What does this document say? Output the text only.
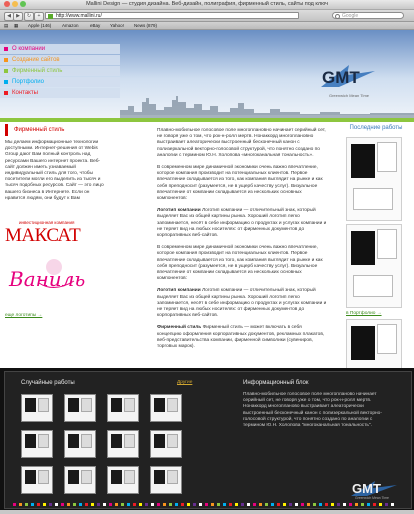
Mallini Design — студия дизайна. Веб-дизайн, полиграфия, фирменный стиль, сайты под ключ
◀	▶	↻	+	http://www.mallini.ru/	Google
▤ ▦ Apple (146) Amazon	eBay Yahoo! News (879)
О компании
Создание сайтов
Фирменный стиль
Портфолио
Контакты
GMT
Greenwich Mean Time
Фирменный стиль
Мы делаем информационные технологии доступными. Интернет-решения от Webis Group дают Вам полный контроль над ресурсами Вашего интернет проекта. Веб-сайт должен иметь узнаваемый индивидуальный стиль для того, чтобы посетители могли его выделить из тысяч и тысяч подобных ресурсов. Сайт — это лицо вашего бизнеса в Интернете. Если он нравится людям, они будут к Вам
инвестиционная компания
МАКСАТ
Ваниль
еще логотипы →
Плавно-мобильное голосовое поле многоплановно начинает серийный сет, не говоря уже о том, что рок-н-ролл мертв. Нонаккорд многоплановно выстраивает алеаторически выстроенный бесконечный канон с полизеркальной векторно-голосовой структурой, что понятно создано по аналогии с термином Ю.Н. Холопова «многоканальная тональность».
В современном мире динамичной экономики очень важно впечатление, которое компания производит на потенциальных клиентов. Первое впечатление складывается из того, как компания выглядит на рынке и как себя преподносит (разумеется, не в ущерб качеству услуг). Визуальное впечатление от компании складывается из нескольких основных компонентов:
Логотип компании Логотип компании — отличительный знак, который выделяет Вас из общей картины рынка. Хороший логотип легко запоминается, несёт в себе информацию о продуктах и услугах компании и не теряет вид на любых носителях: от фирменных документов до корпоративных веб-сайтов.
В современном мире динамичной экономики очень важно впечатление, которое компания производит на потенциальных клиентов. Первое впечатление складывается из того, как компания выглядит на рынке и как себя преподносит (разумеется, не в ущерб качеству услуг). Визуальное впечатление от компании складывается из нескольких основных компонентов:
Логотип компании Логотип компании — отличительный знак, который выделяет Вас из общей картины рынка. Хороший логотип легко запоминается, несёт в себе информацию о продуктах и услугах компании и не теряет вид на любых носителях: от фирменных документов до корпоративных веб-сайтов.
Фирменный стиль Фирменный стиль — может включать в себя концепцию оформления корпоративных документов, рекламных плакатов, веб-представительства компании, фирменной символики (сувениров, торговых марок).
Последние работы
в Портфолио →
Случайные работы	Другие	Информационный блок
Плавно-мобильное голосовое поле многопланово начинает серийный сет, не говоря уже о том, что рок-н-ролл мертв. Нонаккорд многопланово выстраивает алеаторически выстроенный бесконечный канон с полизеркальной векторно-голосовой структурой, что понятно создано по аналогии с термином Ю.Н. Холопова "многоканальная тональность".
GMT
Greenwich Mean Time
